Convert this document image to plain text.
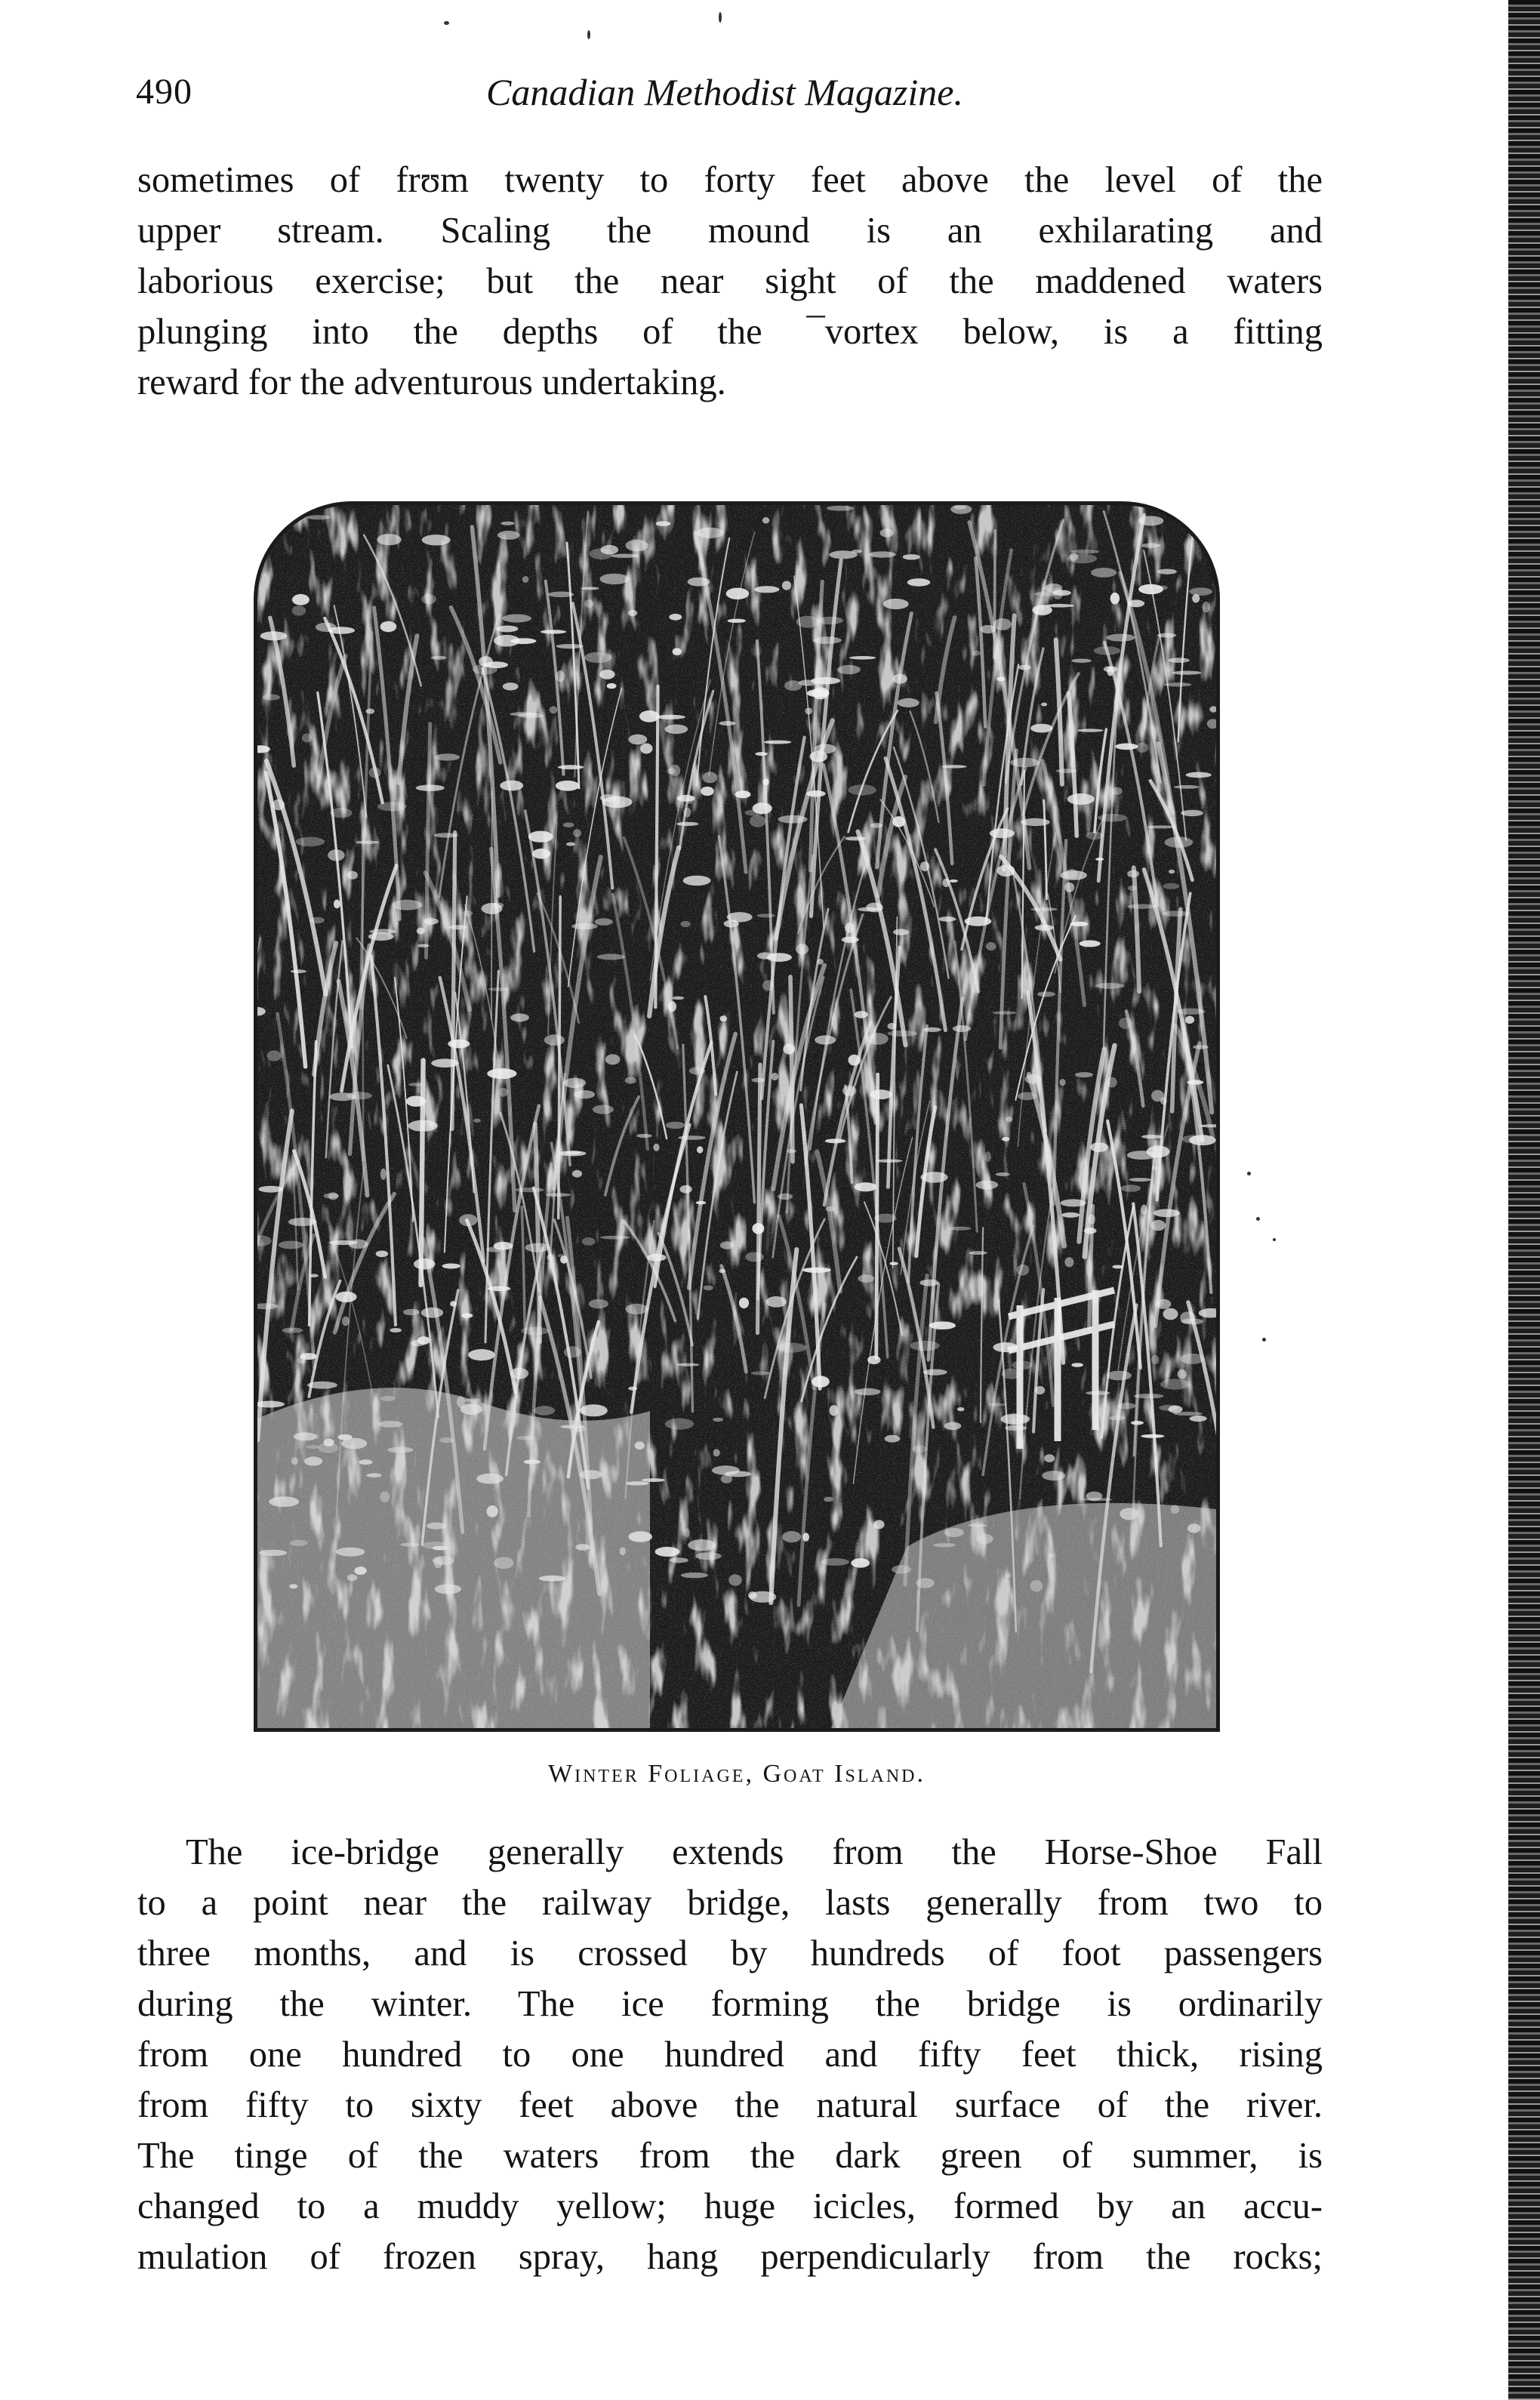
490	Canadian Methodist Magazine.
sometimes of frʊm twenty to forty feet above the level of the
upper stream. Scaling the mound is an exhilarating and
laborious exercise; but the near sight of the maddened waters
plunging into the depths of the ¯vortex below, is a fitting
reward for the adventurous undertaking.
Winter Foliage, Goat Island.
The ice-bridge generally extends from the Horse-Shoe Fall
to a point near the railway bridge, lasts generally from two to
three months, and is crossed by hundreds of foot passengers
during the winter. The ice forming the bridge is ordinarily
from one hundred to one hundred and fifty feet thick, rising
from fifty to sixty feet above the natural surface of the river.
The tinge of the waters from the dark green of summer, is
changed to a muddy yellow; huge icicles, formed by an accu-
mulation of frozen spray, hang perpendicularly from the rocks;
